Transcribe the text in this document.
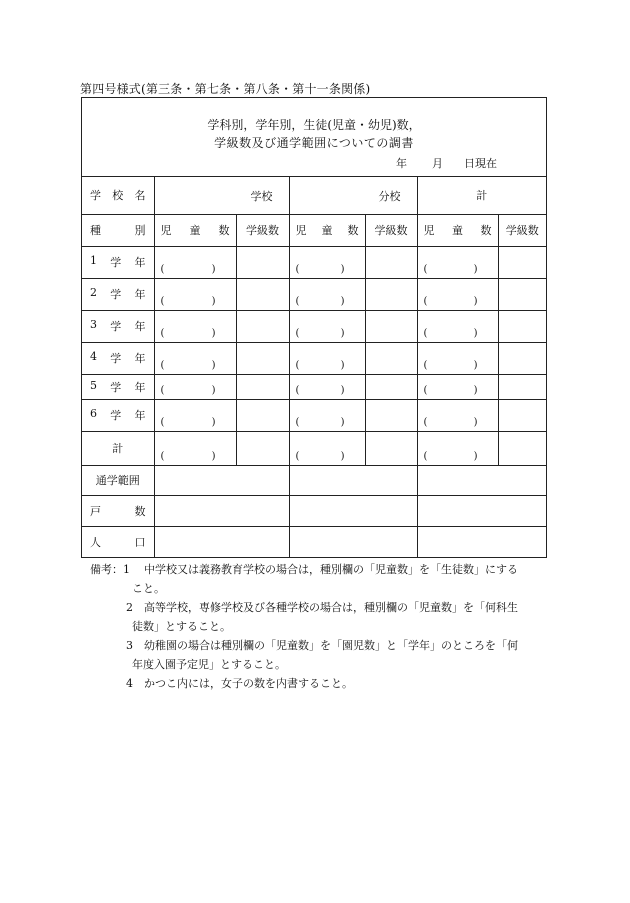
第四号様式(第三条・第七条・第八条・第十一条関係)
学科別，学年別，生徒(児童・幼児)数，
学級数及び通学範囲についての調書
年 月 日現在
学 校 名	学校		分校		計	

種 別	児 童 数	学級数	児 童 数	学級数	児 童 数	学級数

1 学 年	( )		( )		( )	

2 学 年	( )		( )		( )	

3 学 年	( )		( )		( )	

4 学 年	( )		( )		( )	

5 学 年	( )		( )		( )	

6 学 年	( )		( )		( )	

計	( )		( )		( )	

通学範囲						

戸 数						

人 口						

備考：1 中学校又は義務教育学校の場合は，種別欄の「児童数」を「生徒数」にする
こと。
2 高等学校，専修学校及び各種学校の場合は，種別欄の「児童数」を「何科生
徒数」とすること。
3 幼稚園の場合は種別欄の「児童数」を「園児数」と「学年」のところを「何
年度入園予定児」とすること。
4 かつこ内には，女子の数を内書すること。
